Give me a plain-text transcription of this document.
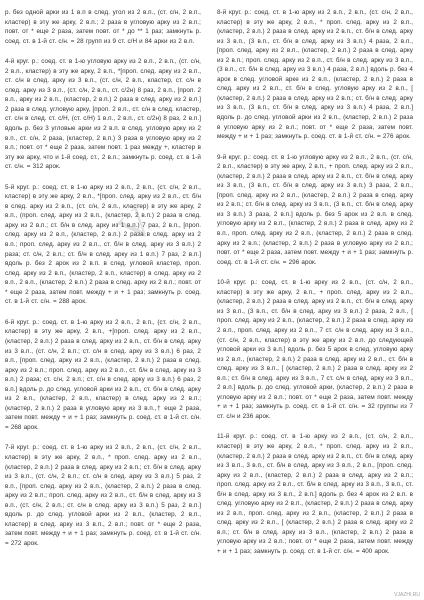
р. без одной арки из 1 в.п в след. угол из 2 в.п., (ст. с/н, 2 в.п., кластер) в эту же арку, 2 в.п.; 2 раза в угловую арку из 2 в.п.; повт. от * еще 2 раза, затем повт. от * до ** 1 раз; замкнуть р. соед. ст. в 1-й ст. с/н. = 28 групп из 9 ст. с/Н и 84 арки из 2 в.п.

4-й круг. р.: соед. ст. в 1-ю угловую арку из 2 в.п., 2 в.п., (ст. с/н, 2 в.п., кластер) в эту же арку, 2 в.п., *[проп. след. арку из 2 в.п., ст. с/н в след. арку из 3 в.п., (ст. с/н, 2 в.п., кластер, ст. с/н в след. арку из 3 в.п., (ст. с/н, 2 в.п., ст. с/2н) 8 раз, 2 в.п., [проп. 2 в.п., арку из 2 в.п., (кластер, 2 в.п.) 2 раза в след. арку из 2 в.п.] 2 раза в след. угловую арку, [проп. 2 в.п., ст. с/н в след. кластер, ст. с/н в след. ст. с/Н, (ст. с/Н) 1 в.п., 2 в.п., ст. с/2н) 8 раз, 2 в.п.] вдоль р. без 3 угловые арки из 2 в.п. в след. угловую арку из 2 в.п., ст. с/н, 2 раза, (кластер, 2 в.п.) 3 раза в угловую арку из 2 в.п.; повт. от * еще 2 раза, затем повт. 1 раз между +, кластер в эту же арку, что и 1-й соед. ст., 2 в.п.; замкнуть р. соед. ст. в 1-й ст. с/н. = 312 арок.

5-й круг. р.: соед. ст. в 1-ю арку из 2 в.п., 2 в.п., (ст. с/н, 2 в.п., кластер) в эту же арку, 2 в.п., *[проп. след. арку из 2 в.п., ст. б/н в след. арку из 2 в.п., (ст. с/н, 2 в.п., кластер) в эту же арку, 2 в.п., (проп. след. арку из 2 в.п., (кластер, 2 в.п.) 2 раза в след. арку из 2 в.п.; ст. б/н в след. арку из 1 в.п.) 7 раз, 2 в.п., [проп. след. арку из 2 в.п., (кластер, 2 в.п.) 2 раза в след. арку из 2 в.п.; проп. след. арку из 2 в.п., ст. б/н в след. арку из 3 в.п.) 2 раза; ст. с/н, 2 в.п.; ст. б/н в след. арку из 1 в.п.) 7 раз, 2 в.п.] вдоль р. без 2 арок из 2 в.п. в след. угловой кластер, проп. след. арку из 2 в.п., (кластер, 2 в.п., кластер) в след. арку из 2 в.п., 2 в.п., (кластер, 2 в.п.) 2 раза в след. арку из 2 в.п.; повт. от * еще 2 раза, затем повт. между + и + 1 раз; замкнуть р. соед. ст. в 1-й ст. с/н. = 288 арок.

6-й круг. р.: соед. ст. в 1-ю арку из 2 в.п., 2 в.п., (ст. с/н, 2 в.п., кластер) в эту же арку, 2 в.п., +[проп. след. арку из 2 в.п., (кластер, 2 в.п.) 2 раза в след. арку из 2 в.п., ст. б/н в след. арку из 3 в.п., (ст. с/н, 2 в.п.; ст. с/н в след. арку из 3 в.п.) 6 раз, 2 в.п., [проп. след. арку из 2 в.п., (кластер, 2 в.п.) 2 раза в след. арку из 2 в.п.; проп. след. арку из 2 в.п., ст. б/н в след. арку из 3 в.п.) 2 раза; ст. с/н, 2 в.п.; ст. с/н в след. арку из 3 в.п.) 6 раз, 2 в.п.] вдоль р. до след. угловой арки из 2 в.п., ст. б/н в след. арку из 2 в.п., (кластер, 2 в.п., кластер) в след. арку из 2 в.п.; (кластер, 2 в.п.) 2 раза в угловую арку из 3 в.п.,† еще 2 раза, затем повт. между + и + 1 раз; замкнуть р. соед. ст. в 1-й ст. с/н. = 268 арок.

7-й круг. р.: соед. ст. в 1-ю арку из 2 в.п., 2 в.п., (ст. с/н, 2 в.п., кластер) в эту же арку, 2 в.п., * проп. след. арку из 2 в.п., (кластер, 2 в.п.) 2 раза в след. арку из 2 в.п.; ст. б/н в след. арку из 3 в.п., (ст. с/н, 2 в.п.; ст. с/н в след. арку из 3 в.п.) 5 раз, 2 в.п., [проп. след. арку из 2 в.п., (кластер, 2 в.п.) 2 раза в след. арку из 2 в.п.; проп. след. арку из 2 в.п., ст. б/н в след. арку из 3 в.п., (ст. с/н, 2 в.п.; ст. с/н в след. арку из 3 в.п.) 5 раз, 2 в.п.] вдоль р. до след. угловой арки из 2 в.п., (кластер, 2 в.п., кластер) в след. арку из 3 в.п., 2 в.п.; повт. от * еще 2 раза, затем повт. между + и + 1 раз; замкнуть р. соед. ст. в 1-й ст. с/н. = 272 арок.

8-й круг. р.: соед. ст. в 1-ю арку из 2 в.п., 2 в.п., (ст. с/н, 2 в.п., кластер) в эту же арку, 2 в.п., * проп. след. арку из 2 в.п., (кластер, 2 в.п.) 2 раза в след. арку из 2 в.п., ст. б/н в след. арку из 3 в.п., (3 в.п., ст. б/н в след. арку из 3 в.п.) 4 раза, 2 в.п., [проп. след. арку из 2 в.п., (кластер, 2 в.п.) 2 раза в след. арку из 2 в.п.; проп. след. арку из 2 в.п., ст. б/н в след. арку из 3 в.п., (3 в.п., ст. б/н в след. арку из 3 в.п.) 4 раза, 2 в.п.] вдоль р. без 4 арок в след. угловой арке из 2 в.п., (кластер, 2 в.п.) 2 раза в след. арку из 2 в.п., ст. б/н в след. угловую арку из 2 в.п., [ (кластер, 2 в.п.) 2 раза в след. арку из 2 в.п.; ст. б/н в след. арку из 3 в.п., (3 в.п., ст. б/н в след. арку из 3 в.п.) 4 раза, 2 в.п.] вдоль р. до след. угловой арки из 2 в.п., (кластер, 2 в.п.) 2 раза в угловую арку из 2 в.п.; повт. от * еще 2 раза, затем повт. между + и + 1 раз; замкнуть р. соед. ст. в 1-й ст. с/н. = 276 арок.

9-й круг. р.: соед. ст. в 1-ю угловую арку из 2 в.п., 2 в.п., (ст. с/н, 2 в.п., кластер) в эту же арку, 2 в.п., + проп. след. арку из 2 в.п., (кластер, 2 в.п.) 2 раза в след. арку из 2 в.п., ст. б/н в след. арку из 3 в.п., (3 в.п., ст. б/н в след. арку из 3 в.п.) 3 раза, 2 в.п., [проп. след. арку из 2 в.п., (кластер, 2 в.п.) 2 раза в след. арку из 2 в.п.; ст. б/н в след. арку из 3 в.п., (3 в.п., ст. б/н в след. арку из 3 в.п.) 3 раза, 2 в.п.] вдоль р. без 5 арок из 2 в.п. в след. угловую арку из 2 в.п., (кластер, 2 в.п.) 2 раза в след. арку из 2 в.п., проп. след. арку из 2 в.п., (кластер, 2 в.п.) 2 раза в след. арку из 2 в.п.; (кластер, 2 в.п.) 2 раза в угловую арку из 2 в.п.; повт. от * еще 2 раза, затем повт. между + и + 1 раз; замкнуть р. соед. ст. в 1-й ст. с/н. = 296 арок.

10-й круг. р.: соед. ст. в 1-ю арку из 2 в.п., (ст. с/н, 2 в.п., кластер) в эту же арку, 2 в.п., + проп. след. арку из 2 в.п., (кластер, 2 в.п.) 2 раза в след. арку из 2 в.п., ст. б/н в след. арку из 3 в.п., (3 в.п., ст. б/н в след. арку из 3 в.п.) 2 раза, 2 в.п., [ проп. след. арку из 2 в.п., (кластер, 2 в.п.) 2 раза в след. арку из 2 в.п., проп. след. арку из 2 в.п., 7 ст. с/н в след. арку из 3 в.п., (ст. с/н, 2 в.п., кластер) в эту же арку из 2 в.п. до следующей угловой арки из 3 в.п.] вдоль р. без 5 арок в след. угловую арку из 2 в.п., (кластер, 2 в.п.) 2 раза в след. арку из 2 в.п., ст. б/н в след. арку из 3 в.п., [ (кластер, 2 в.п.) 2 раза в след. арку из 2 в.п.; ст. б/н в след. арку из 3 в.п., 7 ст. с/н в след. арку из 3 в.п., 2 в.п.] вдоль р. до след. угловой арки, (кластер, 2 в.п.) 2 раза в угловую арку из 2 в.п.; повт. от * еще 2 раза, затем повт. между + и + 1 раз; замкнуть р. соед. ст. в 1-й ст. с/н. = 32 группы из 7 ст. с/н и 236 арок.

11-й круг. р.: соед. ст. в 1-ю арку из 2 в.п., (ст. с/н, 2 в.п., кластер) в эту же арку, 2 в.п., * проп. след. арку из 2 в.п., (кластер, 2 в.п.) 2 раза в след. арку из 2 в.п., ст. б/н в след. арку из 3 в.п., 3 в.п., ст. б/н в след. арку из 3 в.п., 2 в.п., [проп. след. арку из 2 в.п., (кластер, 2 в.п.) 2 раза в след. арку из 2 в.п.; проп. след. арку из 2 в.п., ст. б/н в след. арку из 3 в.п., 3 в.п., ст. б/н в след. арку из 3 в.п., 2 в.п.] вдоль р. без 4 арок из 2 в.п. в след. угловую арку из 2 в.п., (кластер, 2 в.п.) 2 раза в след. арку из 2 в.п., проп. след. арку из 2 в.п., (кластер, 2 в.п.) 2 раза в след. арку из 2 в.п., [ (кластер, 2 в.п.) 2 раза в след. арку из 2 в.п.; ст. б/н в след. арку из 3 в.п., (кластер, 2 в.п.) 2 раза в угловую арку из 2 в.п.; повт. от * еще 2 раза, затем повт. между + и + 1 раз; замкнуть р. соед. ст. в 1-й ст. с/н. = 400 арок.

V
VJAZHI.RU
